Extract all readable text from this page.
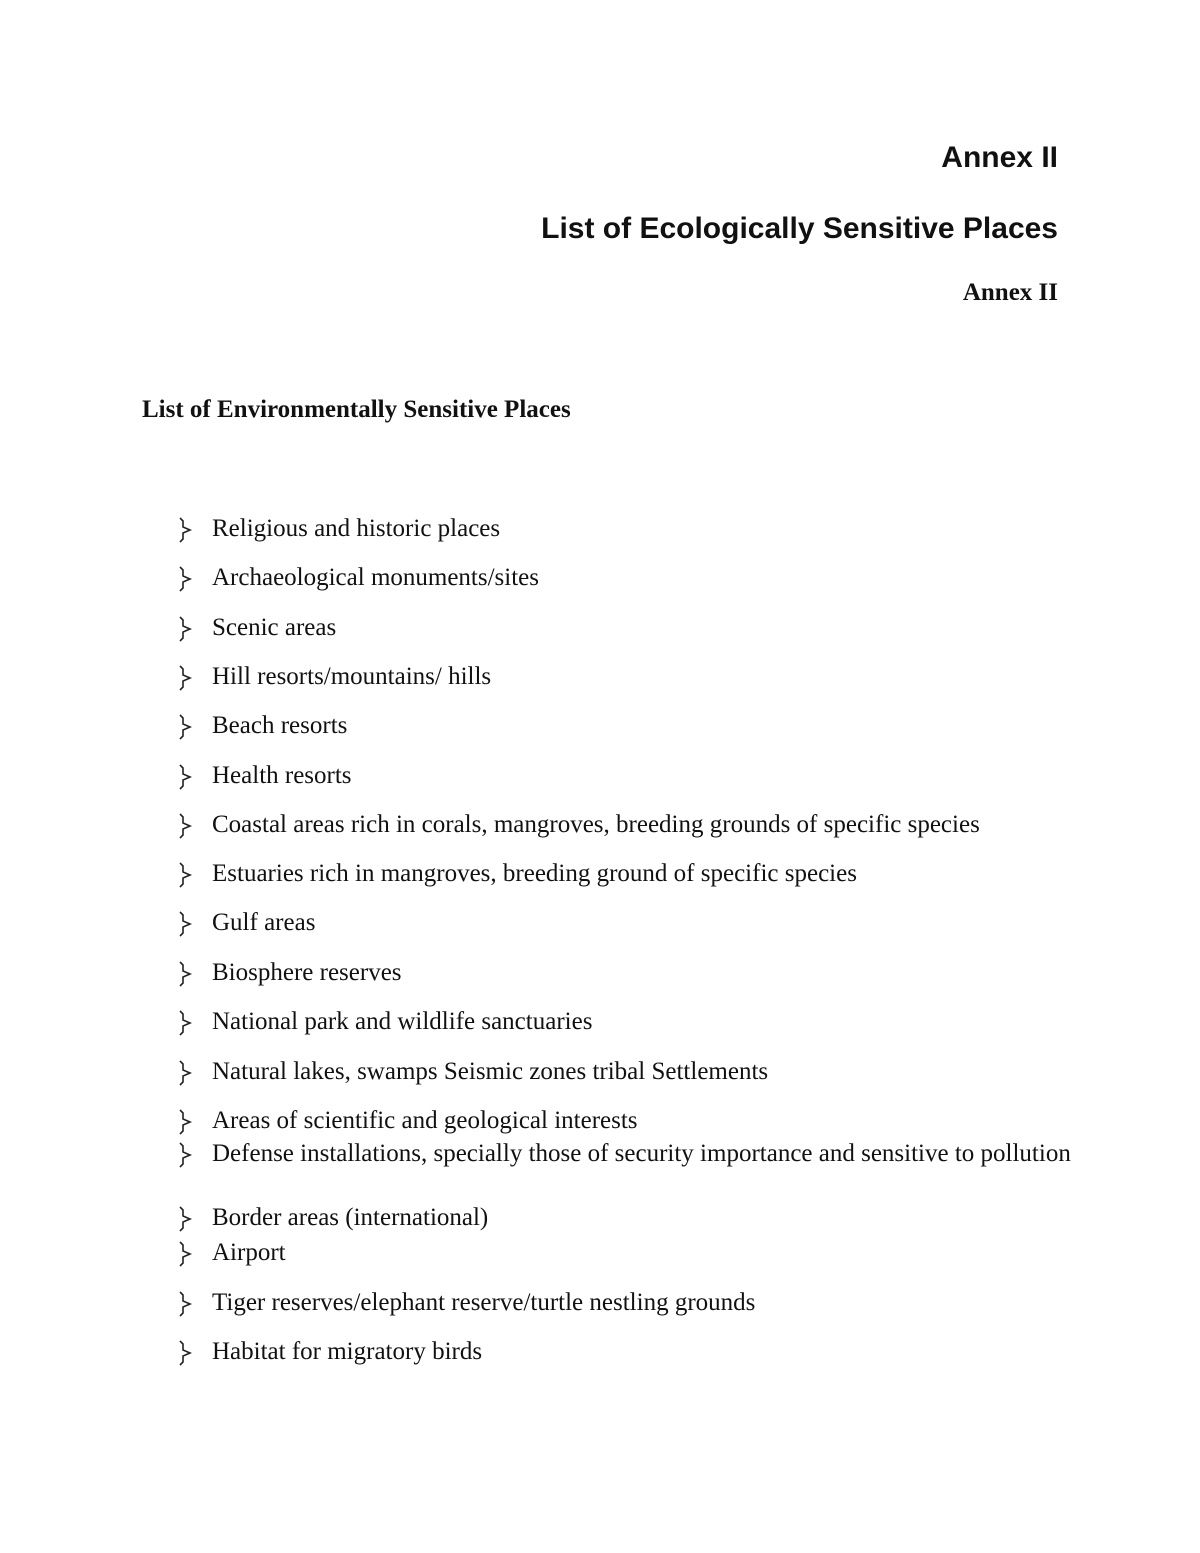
Annex II
List of Ecologically Sensitive Places

Annex II

List of Environmentally Sensitive Places

Religious and historic places
Archaeological monuments/sites
Scenic areas
Hill resorts/mountains/ hills
Beach resorts
Health resorts
Coastal areas rich in corals, mangroves, breeding grounds of specific species
Estuaries rich in mangroves, breeding ground of specific species
Gulf areas
Biosphere reserves
National park and wildlife sanctuaries
Natural lakes, swamps Seismic zones tribal Settlements
Areas of scientific and geological interests
Defense installations, specially those of security importance and sensitive to pollution
Border areas (international)
Airport
Tiger reserves/elephant reserve/turtle nestling grounds
Habitat for migratory birds
